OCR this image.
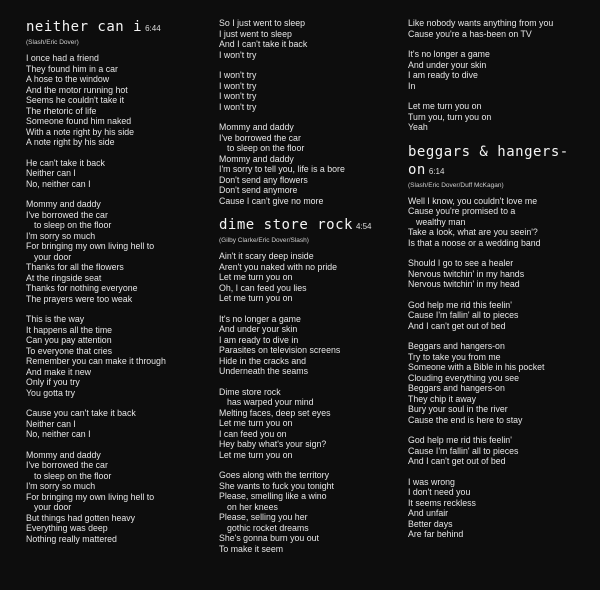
neither can i 6:44
(Slash/Eric Dover)
I once had a friend
They found him in a car
A hose to the window
And the motor running hot
Seems he couldn't take it
The rhetoric of life
Someone found him naked
With a note right by his side
A note right by his side
He can't take it back
Neither can I
No, neither can I
Mommy and daddy
I've borrowed the car
to sleep on the floor
I'm sorry so much
For bringing my own living hell to
your door
Thanks for all the flowers
At the ringside seat
Thanks for nothing everyone
The prayers were too weak
This is the way
It happens all the time
Can you pay attention
To everyone that cries
Remember you can make it through
And make it new
Only if you try
You gotta try
Cause you can't take it back
Neither can I
No, neither can I
Mommy and daddy
I've borrowed the car
to sleep on the floor
I'm sorry so much
For bringing my own living hell to
your door
But things had gotten heavy
Everything was deep
Nothing really mattered
So I just went to sleep
I just went to sleep
And I can't take it back
I won't try
I won't try
I won't try
I won't try
I won't try
Mommy and daddy
I've borrowed the car
to sleep on the floor
Mommy and daddy
I'm sorry to tell you, life is a bore
Don't send any flowers
Don't send anymore
Cause I can't give no more
dime store rock 4:54
(Gilby Clarke/Eric Dover/Slash)
Ain't it scary deep inside
Aren't you naked with no pride
Let me turn you on
Oh, I can feed you lies
Let me turn you on
It's no longer a game
And under your skin
I am ready to dive in
Parasites on television screens
Hide in the cracks and
Underneath the seams
Dime store rock
has warped your mind
Melting faces, deep set eyes
Let me turn you on
I can feed you on
Hey baby what's your sign?
Let me turn you on
Goes along with the territory
She wants to fuck you tonight
Please, smelling like a wino
on her knees
Please, selling you her
gothic rocket dreams
She's gonna burn you out
To make it seem
Like nobody wants anything from you
Cause you're a has-been on TV
It's no longer a game
And under your skin
I am ready to dive
In
Let me turn you on
Turn you, turn you on
Yeah
beggars & hangers-on 6:14
(Slash/Eric Dover/Duff McKagan)
Well I know, you couldn't love me
Cause you're promised to a
wealthy man
Take a look, what are you seein'?
Is that a noose or a wedding band
Should I go to see a healer
Nervous twitchin' in my hands
Nervous twitchin' in my head
God help me rid this feelin'
Cause I'm fallin' all to pieces
And I can't get out of bed
Beggars and hangers-on
Try to take you from me
Someone with a Bible in his pocket
Clouding everything you see
Beggars and hangers-on
They chip it away
Bury your soul in the river
Cause the end is here to stay
God help me rid this feelin'
Cause I'm fallin' all to pieces
And I can't get out of bed
I was wrong
I don't need you
It seems reckless
And unfair
Better days
Are far behind
